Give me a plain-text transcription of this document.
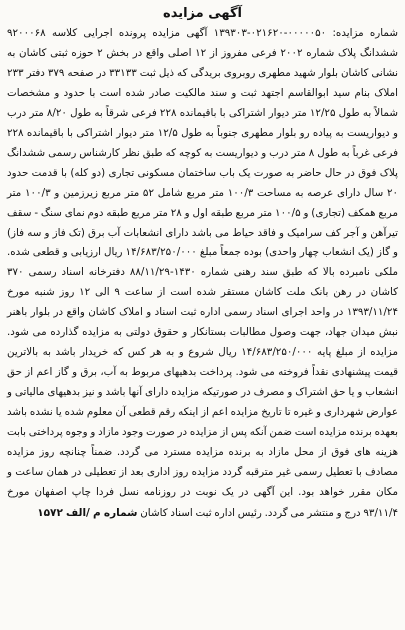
آگهی مزایده
شماره مزایده: ۰۰۰۰۰۵۰-۰۲۱۶۲۰-۱۳۹۳۰۳ آگهی مزایده پرونده اجرایی کلاسه ۹۲۰۰۰۶۸ ششدانگ پلاک شماره ۲۰۰۲ فرعی مفروز از ۱۲ اصلی واقع در بخش ۲ حوزه ثبتی کاشان به نشانی کاشان بلوار شهید مطهری روبروی بریدگی که ذیل ثبت ۳۳۱۳۳ در صفحه ۳۷۹ دفتر ۲۳۳ املاک بنام سید ابوالقاسم اجتهد ثبت و سند مالکیت صادر شده است با حدود و مشخصات شمالاً به طول ۱۲/۲۵ متر دیوار اشتراکی با باقیمانده ۲۲۸ فرعی شرقاً به طول ۸/۲۰ متر درب و دیواریست به پیاده رو بلوار مطهری جنوباً به طول ۱۲/۵ متر دیوار اشتراکی با باقیمانده ۲۲۸ فرعی غرباً به طول ۸ متر درب و دیواریست به کوچه که طبق نظر کارشناس رسمی ششدانگ پلاک فوق در حال حاضر به صورت یک باب ساختمان مسکونی تجاری (دو کله) با قدمت حدود ۲۰ سال دارای عرصه به مساحت ۱۰۰/۳ متر مربع شامل ۵۲ متر مربع زیرزمین و ۱۰۰/۳ متر مربع همکف (تجاری) و ۱۰۰/۵ متر مربع طبقه اول و ۲۸ متر مربع طبقه دوم نمای سنگ - سقف تیرآهن و آجر کف سرامیک و فاقد حیاط می باشد دارای انشعابات آب برق (تک فاز و سه فاز) و گاز (یک انشعاب چهار واحدی) بوده جمعاً مبلغ ۱۴/۶۸۳/۲۵۰/۰۰۰ ریال ارزیابی و قطعی شده. ملکی نامبرده بالا که طبق سند رهنی شماره ۱۴۳۰-۸۸/۱۱/۲۹ دفترخانه اسناد رسمی ۳۷۰ کاشان در رهن بانک ملت کاشان مستقر شده است از ساعت ۹ الی ۱۲ روز شنبه مورخ ۱۳۹۳/۱۱/۲۴ در واحد اجرای اسناد رسمی اداره ثبت اسناد و املاک کاشان واقع در بلوار باهنر نبش میدان جهاد، جهت وصول مطالبات بستانکار و حقوق دولتی به مزایده گذارده می شود. مزایده از مبلغ پایه ۱۴/۶۸۳/۲۵۰/۰۰۰ ریال شروع و به هر کس که خریدار باشد به بالاترین قیمت پیشنهادی نقداً فروخته می شود. پرداخت بدهیهای مربوط به آب، برق و گاز اعم از حق انشعاب و یا حق اشتراک و مصرف در صورتیکه مزایده دارای آنها باشد و نیز بدهیهای مالیاتی و عوارض شهرداری و غیره تا تاریخ مزایده اعم از اینکه رقم قطعی آن معلوم شده یا نشده باشد بعهده برنده مزایده است ضمن آنکه پس از مزایده در صورت وجود مازاد و وجوه پرداختی بابت هزینه های فوق از محل مازاد به برنده مزایده مسترد می گردد. ضمناً چنانچه روز مزایده مصادف با تعطیل رسمی غیر مترقبه گردد مزایده روز اداری بعد از تعطیلی در همان ساعت و مکان مقرر خواهد بود. این آگهی در یک نوبت در روزنامه نسل فردا چاپ اصفهان مورخ ۹۳/۱۱/۴ درج و منتشر می گردد. رئیس اداره ثبت اسناد کاشان شماره م /الف ۱۵۷۲
